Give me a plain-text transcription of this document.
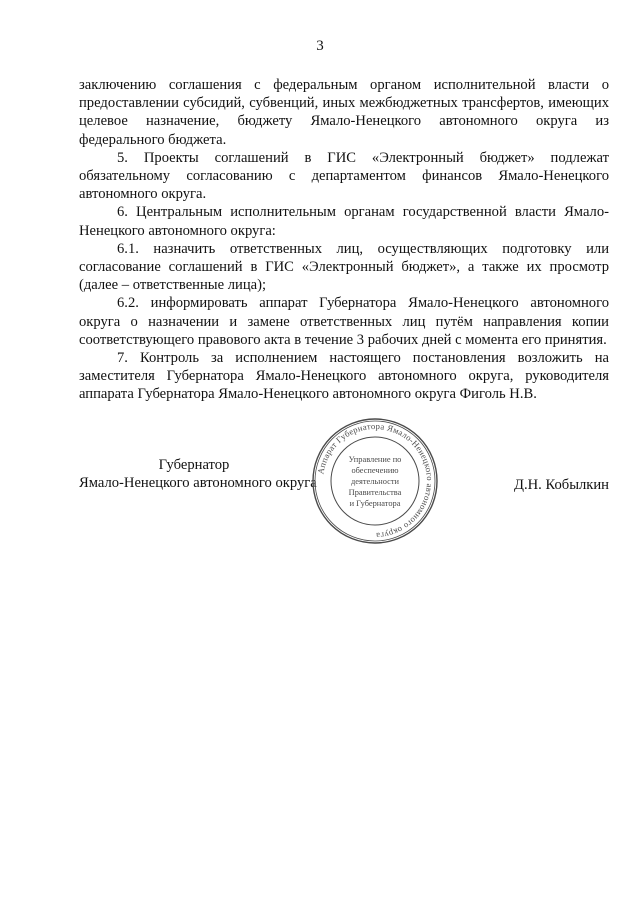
3

заключению соглашения с федеральным органом исполнительной власти о предоставлении субсидий, субвенций, иных межбюджетных трансфертов, имеющих целевое назначение, бюджету Ямало-Ненецкого автономного округа из федерального бюджета.

5. Проекты соглашений в ГИС «Электронный бюджет» подлежат обязательному согласованию с департаментом финансов Ямало-Ненецкого автономного округа.

6. Центральным исполнительным органам государственной власти Ямало-Ненецкого автономного округа:

6.1. назначить ответственных лиц, осуществляющих подготовку или согласование соглашений в ГИС «Электронный бюджет», а также их просмотр (далее – ответственные лица);

6.2. информировать аппарат Губернатора Ямало-Ненецкого автономного округа о назначении и замене ответственных лиц путём направления копии соответствующего правового акта в течение 3 рабочих дней с момента его принятия.

7. Контроль за исполнением настоящего постановления возложить на заместителя Губернатора Ямало-Ненецкого автономного округа, руководителя аппарата Губернатора Ямало-Ненецкого автономного округа Фиголь Н.В.

Губернатор
Ямало-Ненецкого автономного округа
Аппарат Губернатора Ямало-Ненецкого автономного округа
Управление по
обеспечению
деятельности
Правительства
и Губернатора
Д.Н. Кобылкин
